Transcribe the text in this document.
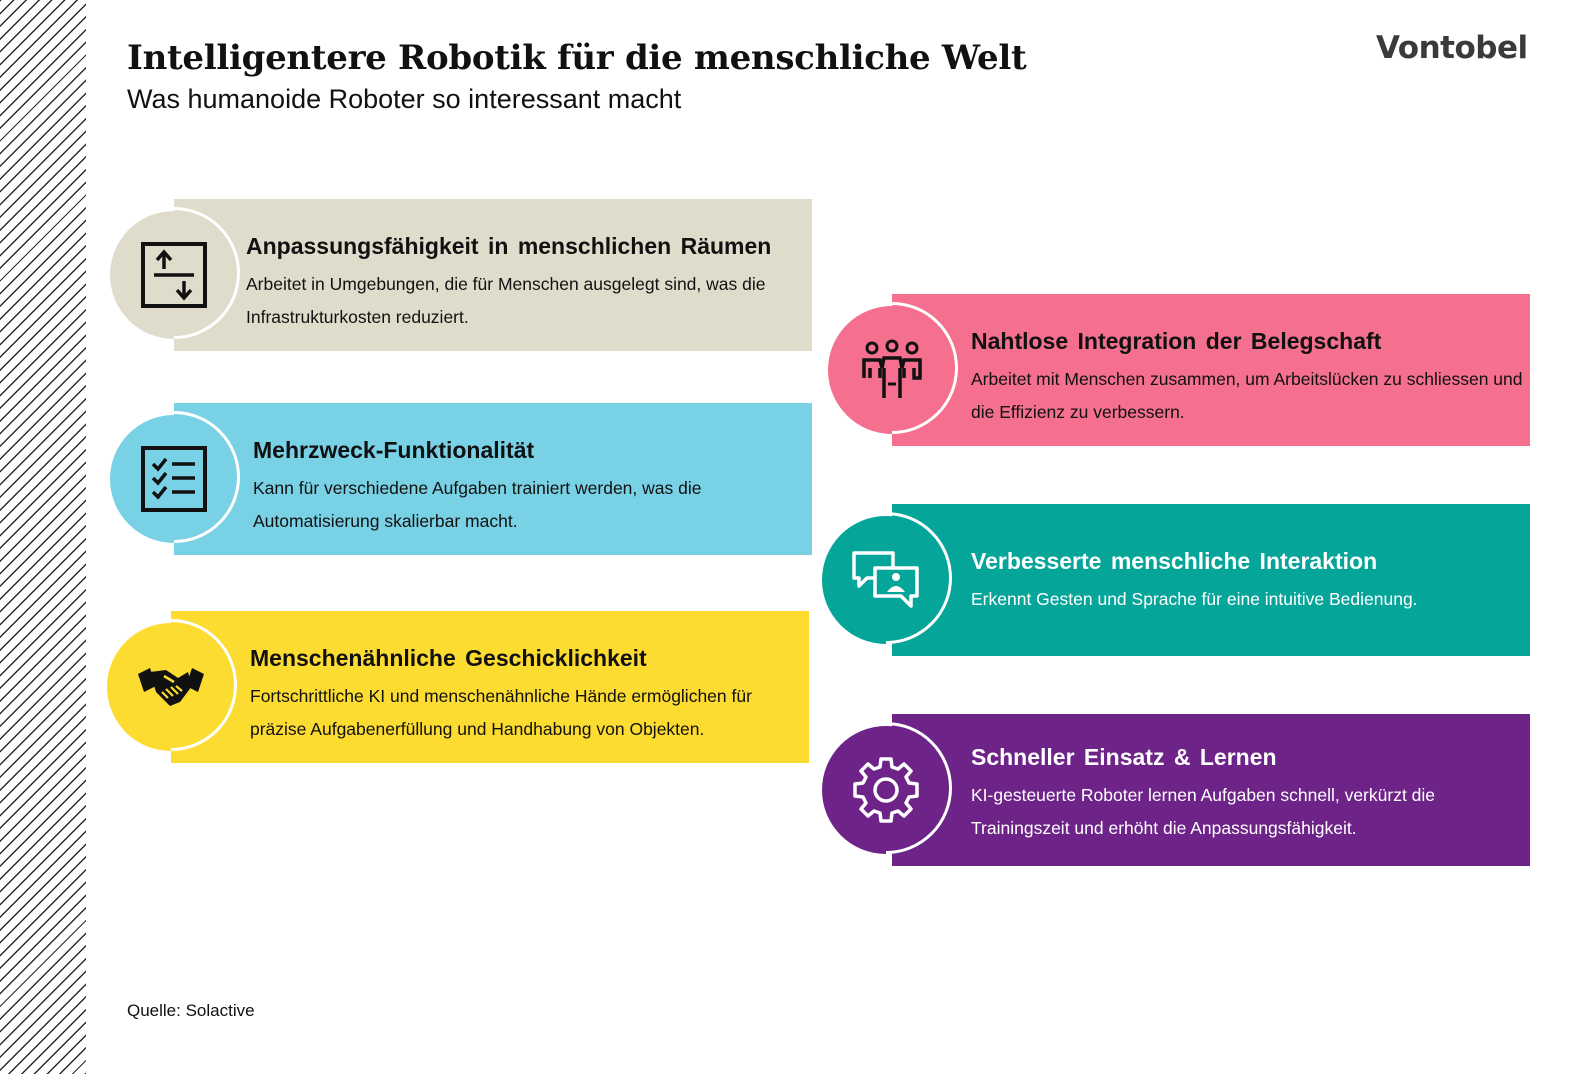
Intelligentere Robotik für die menschliche Welt
Was humanoide Roboter so interessant macht
Vontobel
Anpassungsfähigkeit in menschlichen Räumen

Arbeitet in Umgebungen, die für Menschen ausgelegt sind, was die Infrastrukturkosten reduziert.

Mehrzweck-Funktionalität

Kann für verschiedene Aufgaben trainiert werden, was die Automatisierung skalierbar macht.

Menschenähnliche Geschicklichkeit

Fortschrittliche KI und menschenähnliche Hände ermöglichen für präzise Aufgabenerfüllung und Handhabung von Objekten.

Nahtlose Integration der Belegschaft

Arbeitet mit Menschen zusammen, um Arbeitslücken zu schliessen und die Effizienz zu verbessern.

Verbesserte menschliche Interaktion

Erkennt Gesten und Sprache für eine intuitive Bedienung.

Schneller Einsatz & Lernen

KI-gesteuerte Roboter lernen Aufgaben schnell, verkürzt die Trainingszeit und erhöht die Anpassungsfähigkeit.

Quelle: Solactive
